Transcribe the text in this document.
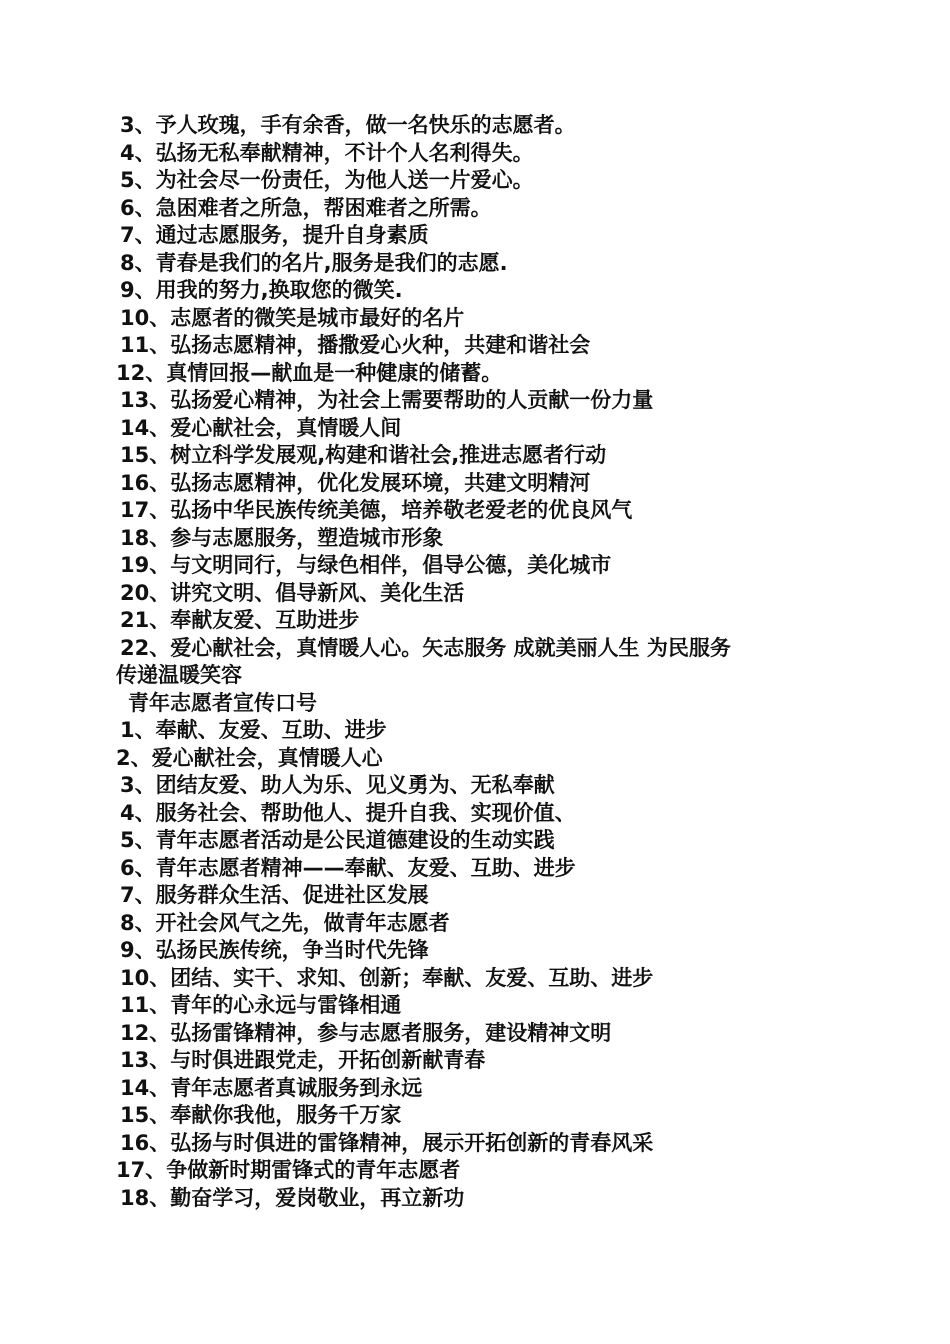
3、予人玫瑰，手有余香，做一名快乐的志愿者。
4、弘扬无私奉献精神，不计个人名利得失。
5、为社会尽一份责任，为他人送一片爱心。
6、急困难者之所急，帮困难者之所需。
7、通过志愿服务，提升自身素质
8、青春是我们的名片,服务是我们的志愿.
9、用我的努力,换取您的微笑.
10、志愿者的微笑是城市最好的名片
11、弘扬志愿精神，播撒爱心火种，共建和谐社会
12、真情回报—献血是一种健康的储蓄。
13、弘扬爱心精神，为社会上需要帮助的人贡献一份力量
14、爱心献社会，真情暖人间
15、树立科学发展观,构建和谐社会,推进志愿者行动
16、弘扬志愿精神，优化发展环境，共建文明精河
17、弘扬中华民族传统美德，培养敬老爱老的优良风气
18、参与志愿服务，塑造城市形象
19、与文明同行，与绿色相伴，倡导公德，美化城市
20、讲究文明、倡导新风、美化生活
21、奉献友爱、互助进步
22、爱心献社会，真情暖人心。矢志服务 成就美丽人生 为民服务
传递温暖笑容
青年志愿者宣传口号
1、奉献、友爱、互助、进步
2、爱心献社会，真情暖人心
3、团结友爱、助人为乐、见义勇为、无私奉献
4、服务社会、帮助他人、提升自我、实现价值、
5、青年志愿者活动是公民道德建设的生动实践
6、青年志愿者精神——奉献、友爱、互助、进步
7、服务群众生活、促进社区发展
8、开社会风气之先，做青年志愿者
9、弘扬民族传统，争当时代先锋
10、团结、实干、求知、创新；奉献、友爱、互助、进步
11、青年的心永远与雷锋相通
12、弘扬雷锋精神，参与志愿者服务，建设精神文明
13、与时俱进跟党走，开拓创新献青春
14、青年志愿者真诚服务到永远
15、奉献你我他，服务千万家
16、弘扬与时俱进的雷锋精神，展示开拓创新的青春风采
17、争做新时期雷锋式的青年志愿者
18、勤奋学习，爱岗敬业，再立新功
